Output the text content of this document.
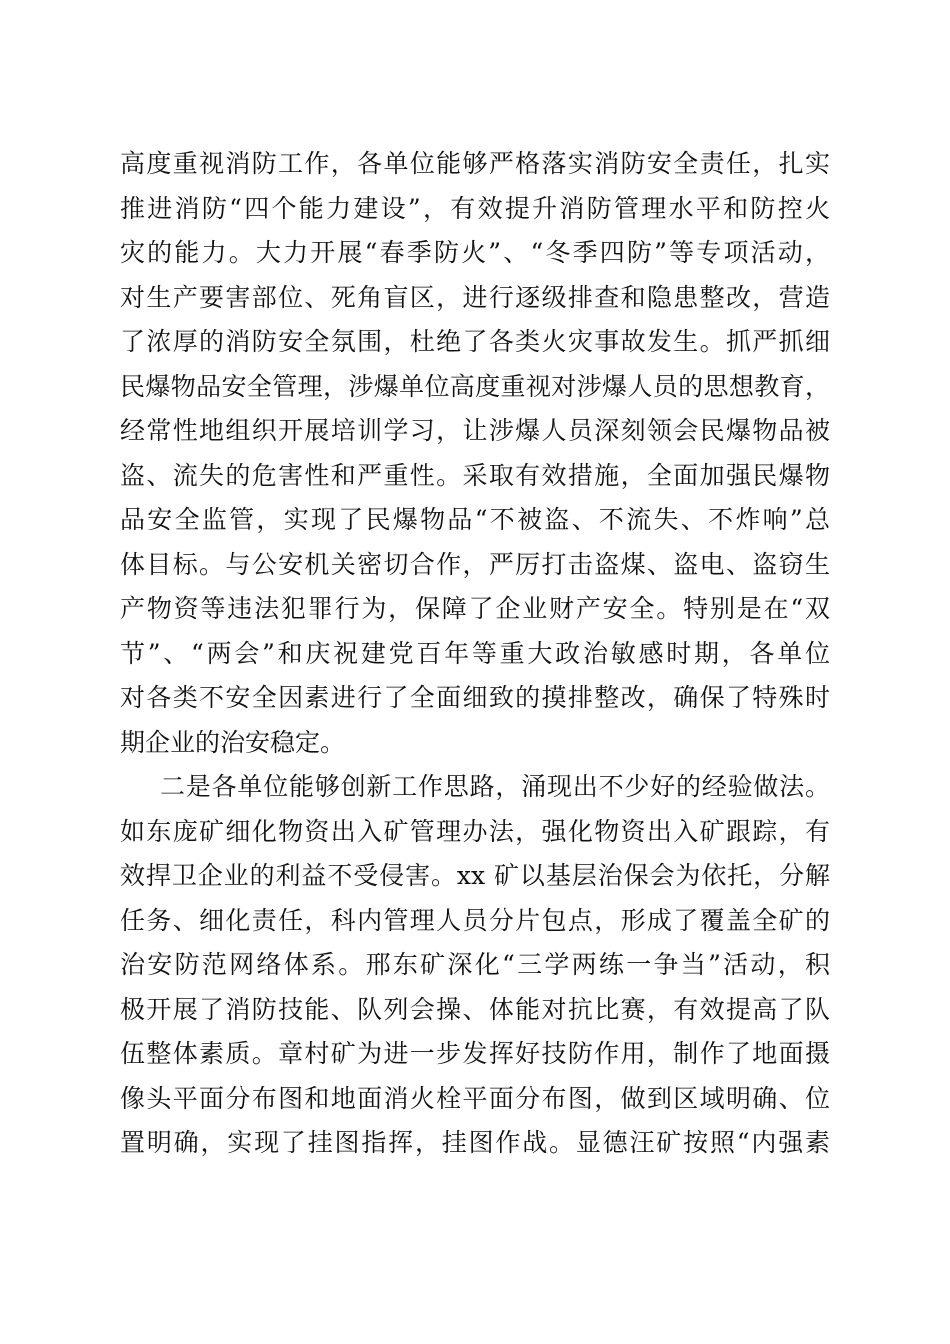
高度重视消防工作，各单位能够严格落实消防安全责任，扎实
推进消防“四个能力建设”，有效提升消防管理水平和防控火
灾的能力。大力开展“春季防火”、“冬季四防”等专项活动，
对生产要害部位、死角盲区，进行逐级排查和隐患整改，营造
了浓厚的消防安全氛围，杜绝了各类火灾事故发生。抓严抓细
民爆物品安全管理，涉爆单位高度重视对涉爆人员的思想教育，
经常性地组织开展培训学习，让涉爆人员深刻领会民爆物品被
盗、流失的危害性和严重性。采取有效措施，全面加强民爆物
品安全监管，实现了民爆物品“不被盗、不流失、不炸响”总
体目标。与公安机关密切合作，严厉打击盗煤、盗电、盗窃生
产物资等违法犯罪行为，保障了企业财产安全。特别是在“双
节”、“两会”和庆祝建党百年等重大政治敏感时期，各单位
对各类不安全因素进行了全面细致的摸排整改，确保了特殊时
期企业的治安稳定。
二是各单位能够创新工作思路，涌现出不少好的经验做法。
如东庞矿细化物资出入矿管理办法，强化物资出入矿跟踪，有
效捍卫企业的利益不受侵害。xx 矿以基层治保会为依托，分解
任务、细化责任，科内管理人员分片包点，形成了覆盖全矿的
治安防范网络体系。邢东矿深化“三学两练一争当”活动，积
极开展了消防技能、队列会操、体能对抗比赛，有效提高了队
伍整体素质。章村矿为进一步发挥好技防作用，制作了地面摄
像头平面分布图和地面消火栓平面分布图，做到区域明确、位
置明确，实现了挂图指挥，挂图作战。显德汪矿按照“内强素
